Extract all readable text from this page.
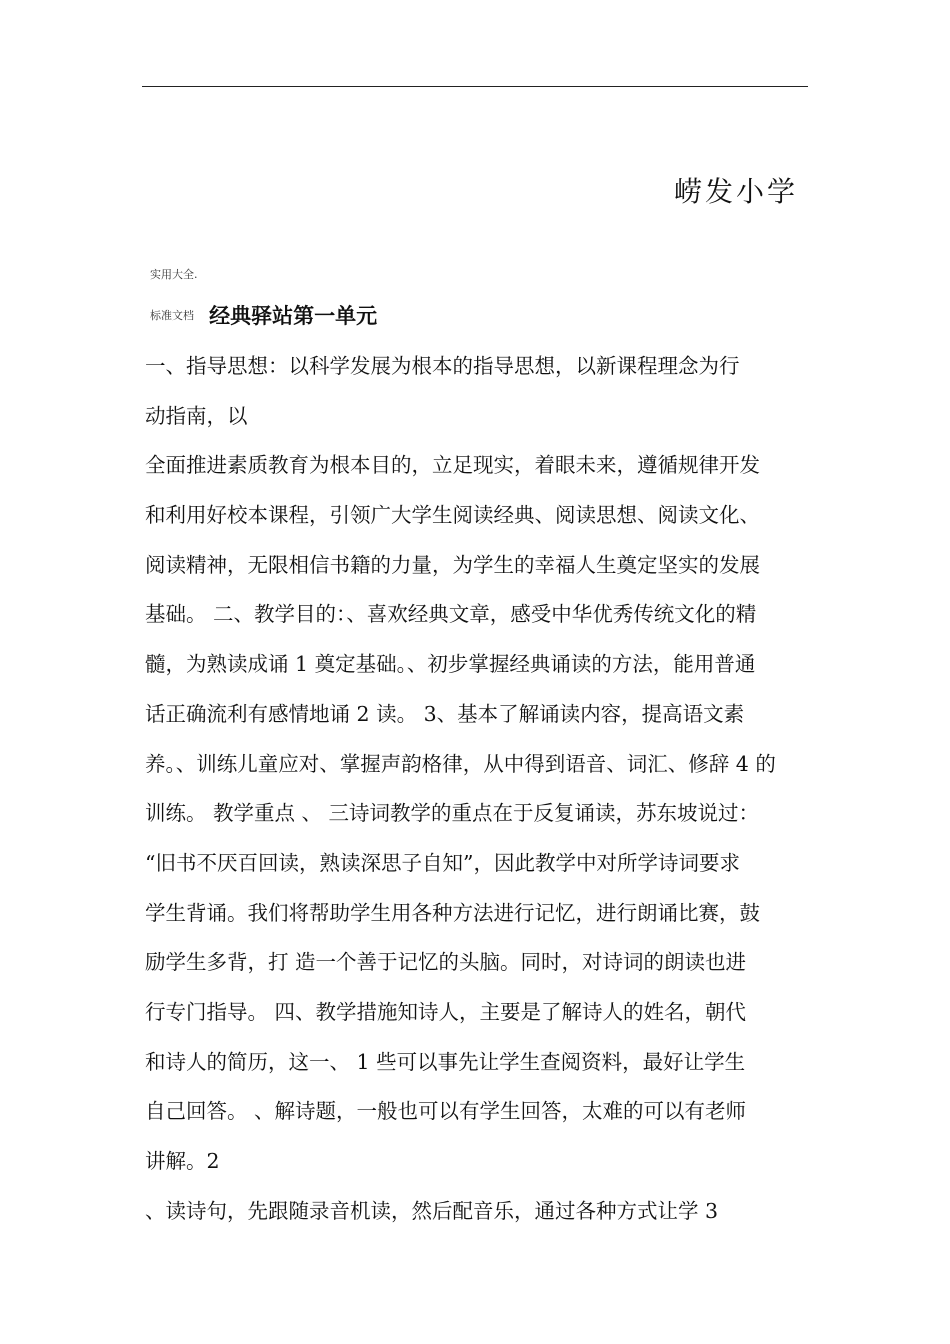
崂发小学
实用大全.
标准文档 经典驿站第一单元
一、指导思想：以科学发展为根本的指导思想，以新课程理念为行
动指南，以
全面推进素质教育为根本目的，立足现实，着眼未来，遵循规律开发
和利用好校本课程，引领广大学生阅读经典、阅读思想、阅读文化、
阅读精神，无限相信书籍的力量，为学生的幸福人生奠定坚实的发展
基础。 二、教学目的：、喜欢经典文章，感受中华优秀传统文化的精
髓，为熟读成诵 1 奠定基础。、初步掌握经典诵读的方法，能用普通
话正确流利有感情地诵 2 读。 3、基本了解诵读内容，提高语文素
养。、训练儿童应对、掌握声韵格律，从中得到语音、词汇、修辞 4 的
训练。 教学重点 、 三诗词教学的重点在于反复诵读，苏东坡说过：
“旧书不厌百回读，熟读深思子自知”，因此教学中对所学诗词要求
学生背诵。我们将帮助学生用各种方法进行记忆，进行朗诵比赛，鼓
励学生多背，打 造一个善于记忆的头脑。同时，对诗词的朗读也进
行专门指导。 四、教学措施知诗人，主要是了解诗人的姓名，朝代
和诗人的简历，这一、 1 些可以事先让学生查阅资料，最好让学生
自己回答。 、解诗题，一般也可以有学生回答，太难的可以有老师
讲解。2
、读诗句，先跟随录音机读，然后配音乐，通过各种方式让学 3
